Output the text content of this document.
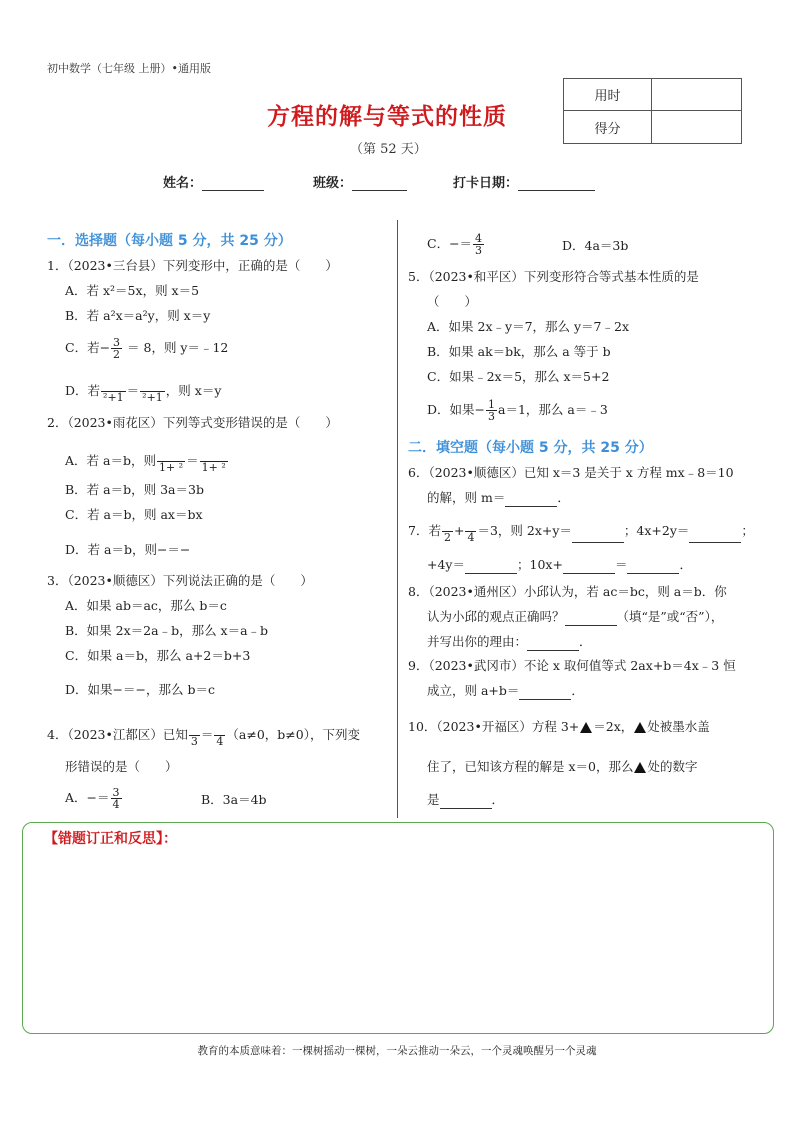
初中数学（七年级 上册）•通用版
方程的解与等式的性质
（第 52 天）
用时
得分
姓名：	班级：	打卡日期：
一．选择题（每小题 5 分，共 25 分）
1．（2023•三台县）下列变形中，正确的是（　　）
A．若 x²＝5x，则 x＝5
B．若 a²x＝a²y，则 x＝y
C．若− $\frac{3}{2} = 8$，则 y＝﹣12
D．若
²+1 ＝
²+1 ，则 x＝y
2．（2023•雨花区）下列等式变形错误的是（　　）
A．若 a＝b，则
1+ ² ＝
1+ ²
B．若 a＝b，则 3a＝3b
C．若 a＝b，则 ax＝bx
D．若 a＝b，则−＝−
3．（2023•顺德区）下列说法正确的是（　　）
A．如果 ab＝ac，那么 b＝c
B．如果 2x＝2a﹣b，那么 x＝a﹣b
C．如果 a＝b，那么 a+2＝b+3
D．如果−＝−，那么 b＝c
4．（2023•江都区）已知
3 ＝
4 （a≠0，b≠0），下列变
形错误的是（　　）
A．−＝ $\frac{3}{4}$	B．3a＝4b
C．−＝ $\frac{4}{3}$	D．4a＝3b
5．（2023•和平区）下列变形符合等式基本性质的是
（　　）
A．如果 2x﹣y＝7，那么 y＝7﹣2x
B．如果 ak＝bk，那么 a 等于 b
C．如果﹣2x＝5，那么 x＝5+2
D．如果− $\frac{1}{3} a=1$，那么 a＝﹣3
二．填空题（每小题 5 分，共 25 分）
6．（2023•顺德区）已知 x＝3 是关于 x 方程 mx﹣8＝10
的解，则 m＝	．
7．若
2 +
4 ＝3，则 2x+y＝	；4x+2y＝	；
+4y＝	；10x+	＝	．
8．（2023•通州区）小邱认为，若 ac＝bc，则 a＝b．你
认为小邱的观点正确吗？	（填“是”或“否”），
并写出你的理由：	．
9．（2023•武冈市）不论 x 取何值等式 2ax+b＝4x﹣3 恒
成立，则 a+b＝	．
10．（2023•开福区）方程 3+ ＝2x， 处被墨水盖
住了，已知该方程的解是 x＝0，那么 处的数字
是	．
【错题订正和反思】：
教育的本质意味着：一棵树摇动一棵树，一朵云推动一朵云，一个灵魂唤醒另一个灵魂
